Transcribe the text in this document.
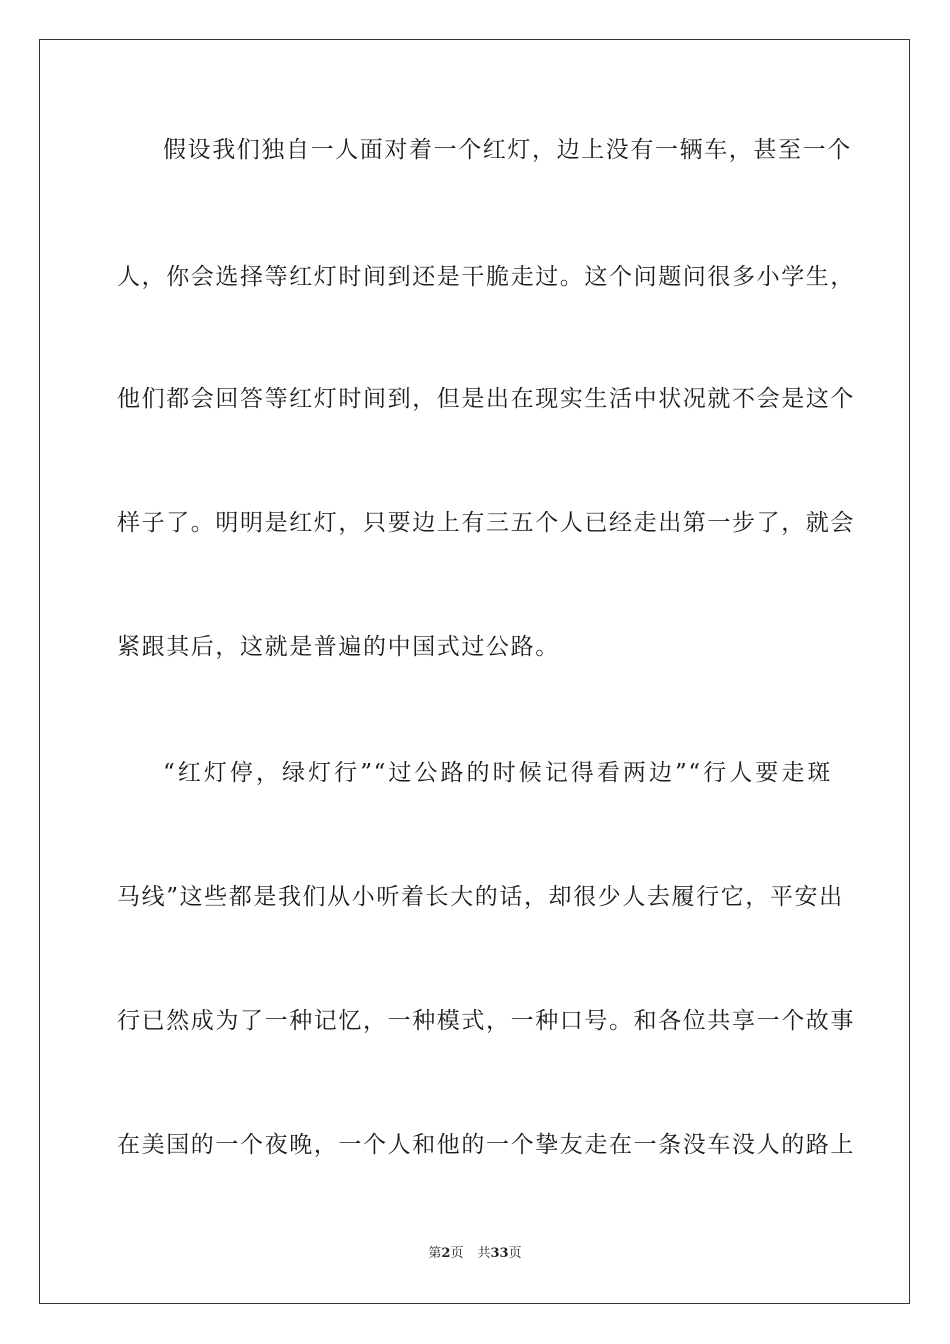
假设我们独自一人面对着一个红灯，边上没有一辆车，甚至一个
人，你会选择等红灯时间到还是干脆走过。这个问题问很多小学生，
他们都会回答等红灯时间到，但是出在现实生活中状况就不会是这个
样子了。明明是红灯，只要边上有三五个人已经走出第一步了，就会
紧跟其后，这就是普遍的中国式过公路。
“红灯停，绿灯行”“过公路的时候记得看两边”“行人要走斑
马线”这些都是我们从小听着长大的话，却很少人去履行它，平安出
行已然成为了一种记忆，一种模式，一种口号。和各位共享一个故事
在美国的一个夜晚，一个人和他的一个挚友走在一条没车没人的路上
第2页 共33页
